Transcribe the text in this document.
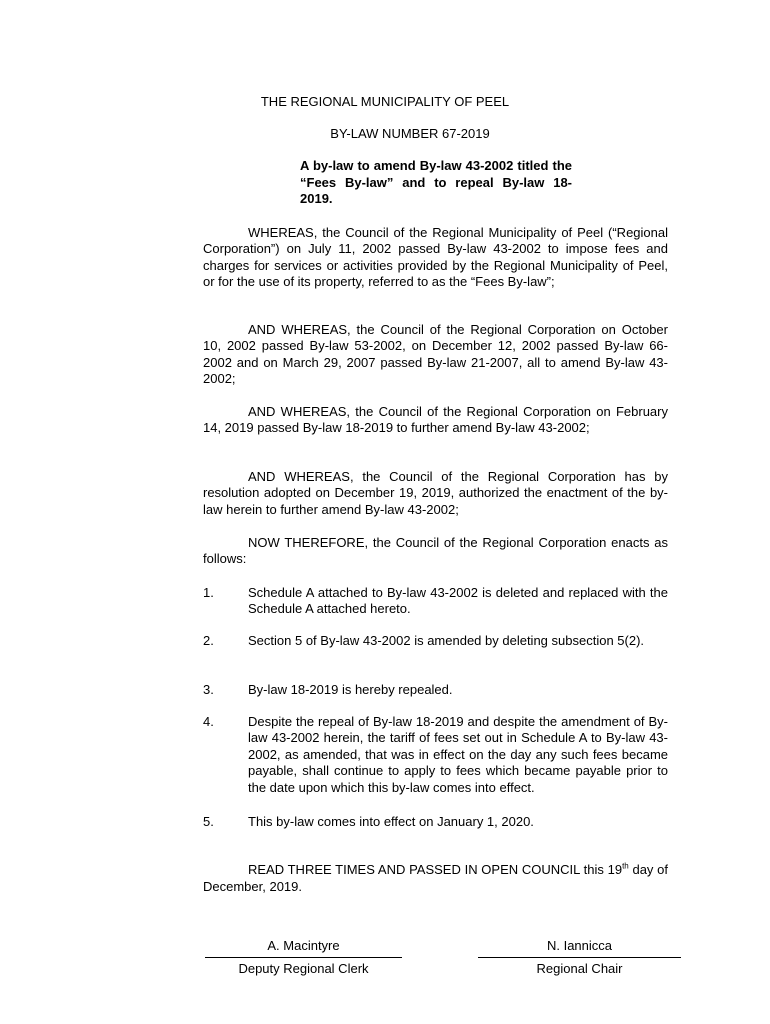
THE REGIONAL MUNICIPALITY OF PEEL
BY-LAW NUMBER 67-2019
A by-law to amend By-law 43-2002 titled the “Fees By-law” and to repeal By-law 18-2019.

WHEREAS, the Council of the Regional Municipality of Peel (“Regional Corporation”) on July 11, 2002 passed By-law 43-2002 to impose fees and charges for services or activities provided by the Regional Municipality of Peel, or for the use of its property, referred to as the “Fees By-law”;

AND WHEREAS, the Council of the Regional Corporation on October 10, 2002 passed By-law 53-2002, on December 12, 2002 passed By-law 66-2002 and on March 29, 2007 passed By-law 21-2007, all to amend By-law 43-2002;

AND WHEREAS, the Council of the Regional Corporation on February 14, 2019 passed By-law 18-2019 to further amend By-law 43-2002;

AND WHEREAS, the Council of the Regional Corporation has by resolution adopted on December 19, 2019, authorized the enactment of the by-law herein to further amend By-law 43-2002;

NOW THEREFORE, the Council of the Regional Corporation enacts as follows:

1.	Schedule A attached to By-law 43-2002 is deleted and replaced with the Schedule A attached hereto.
2.	Section 5 of By-law 43-2002 is amended by deleting subsection 5(2).
3.	By-law 18-2019 is hereby repealed.
4.	Despite the repeal of By-law 18-2019 and despite the amendment of By-law 43-2002 herein, the tariff of fees set out in Schedule A to By-law 43-2002, as amended, that was in effect on the day any such fees became payable, shall continue to apply to fees which became payable prior to the date upon which this by-law comes into effect.
5.	This by-law comes into effect on January 1, 2020.

READ THREE TIMES AND PASSED IN OPEN COUNCIL this 19th day of December, 2019.

A. Macintyre
Deputy Regional Clerk
N. Iannicca
Regional Chair
